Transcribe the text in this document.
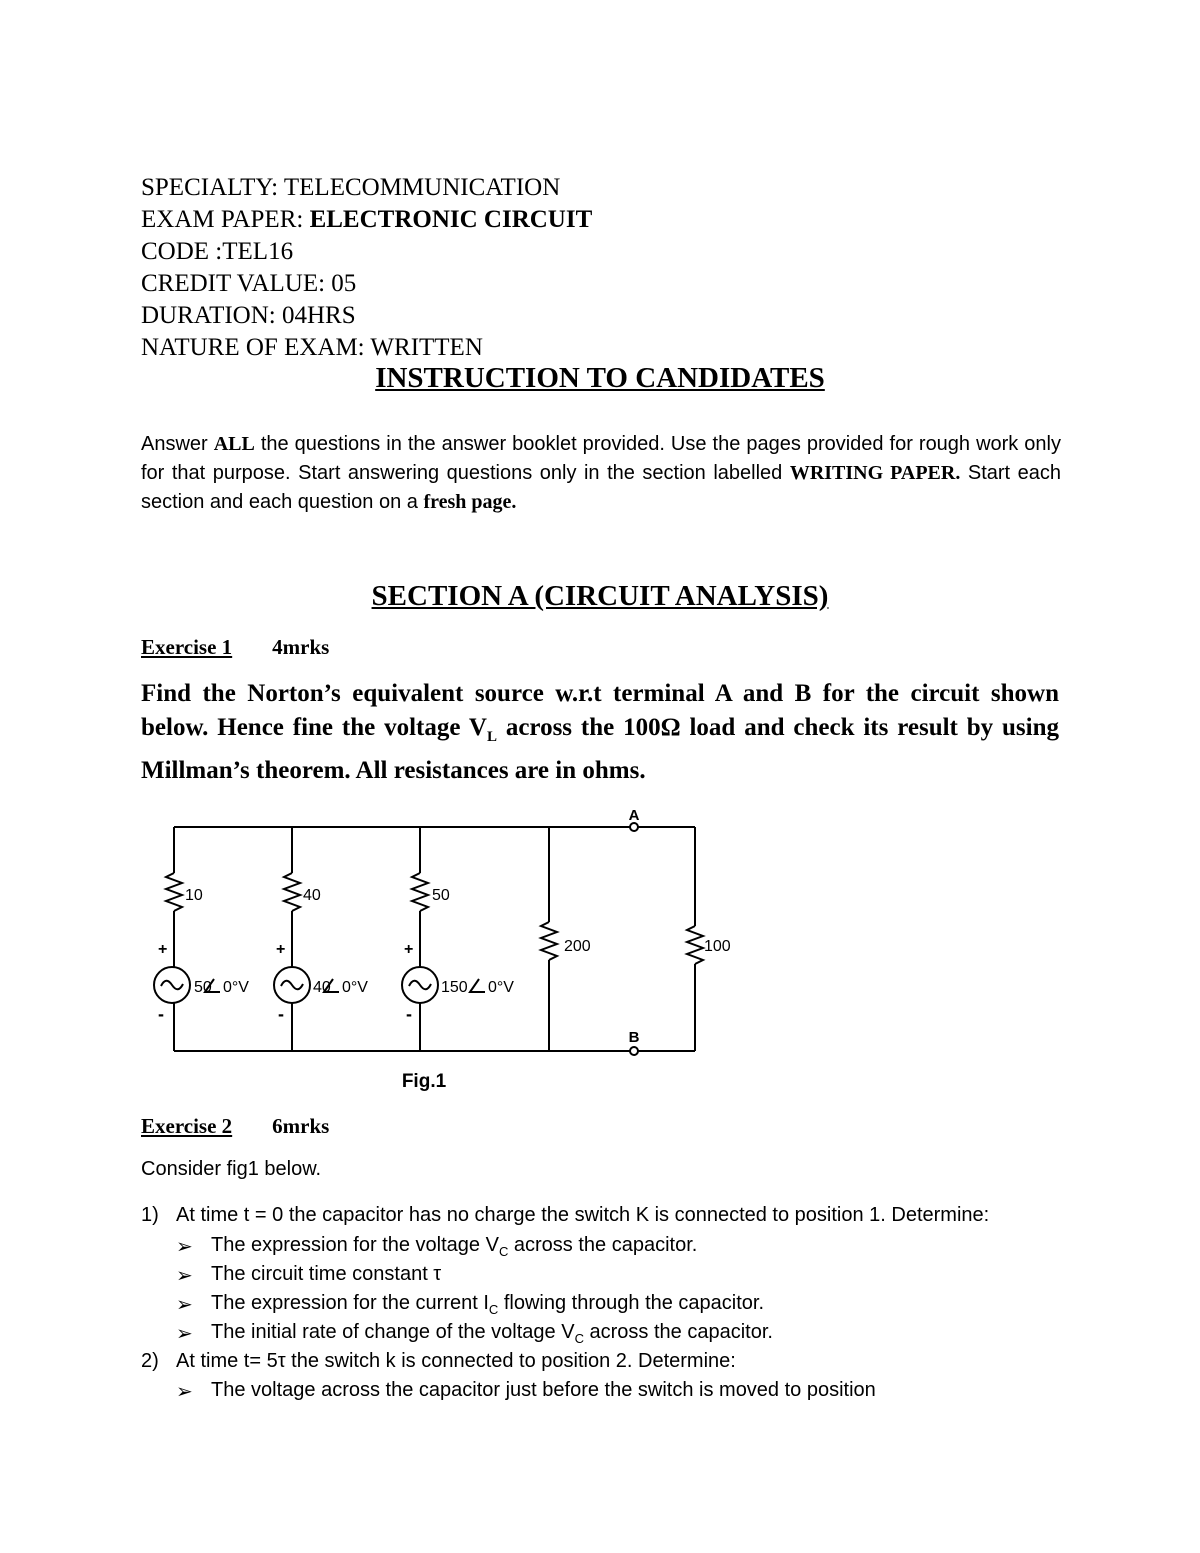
SPECIALTY: TELECOMMUNICATION
EXAM PAPER: ELECTRONIC CIRCUIT
CODE :TEL16
CREDIT VALUE: 05
DURATION: 04HRS
NATURE OF EXAM: WRITTEN
INSTRUCTION TO CANDIDATES
Answer ALL the questions in the answer booklet provided. Use the pages provided for rough work only for that purpose. Start answering questions only in the section labelled WRITING PAPER. Start each section and each question on a fresh page.
SECTION A (CIRCUIT ANALYSIS)
Exercise 1 4mrks
Find the Norton’s equivalent source w.r.t terminal A and B for the circuit shown below. Hence fine the voltage $V_L$ across the 100Ω load and check its result by using Millman’s theorem. All resistances are in ohms.
A
B
10	40	50
200	100
+	+	+
-	-	-
50	40	150
0°V	0°V	0°V
Fig.1
Exercise 2 6mrks
Consider fig1 below.
1) At time t = 0 the capacitor has no charge the switch K is connected to position 1. Determine:
➢ The expression for the voltage $V_C$ across the capacitor.
➢ The circuit time constant τ
➢ The expression for the current $I_C$ flowing through the capacitor.
➢ The initial rate of change of the voltage $V_C$ across the capacitor.
2) At time t= 5τ the switch k is connected to position 2. Determine:
➢ The voltage across the capacitor just before the switch is moved to position
